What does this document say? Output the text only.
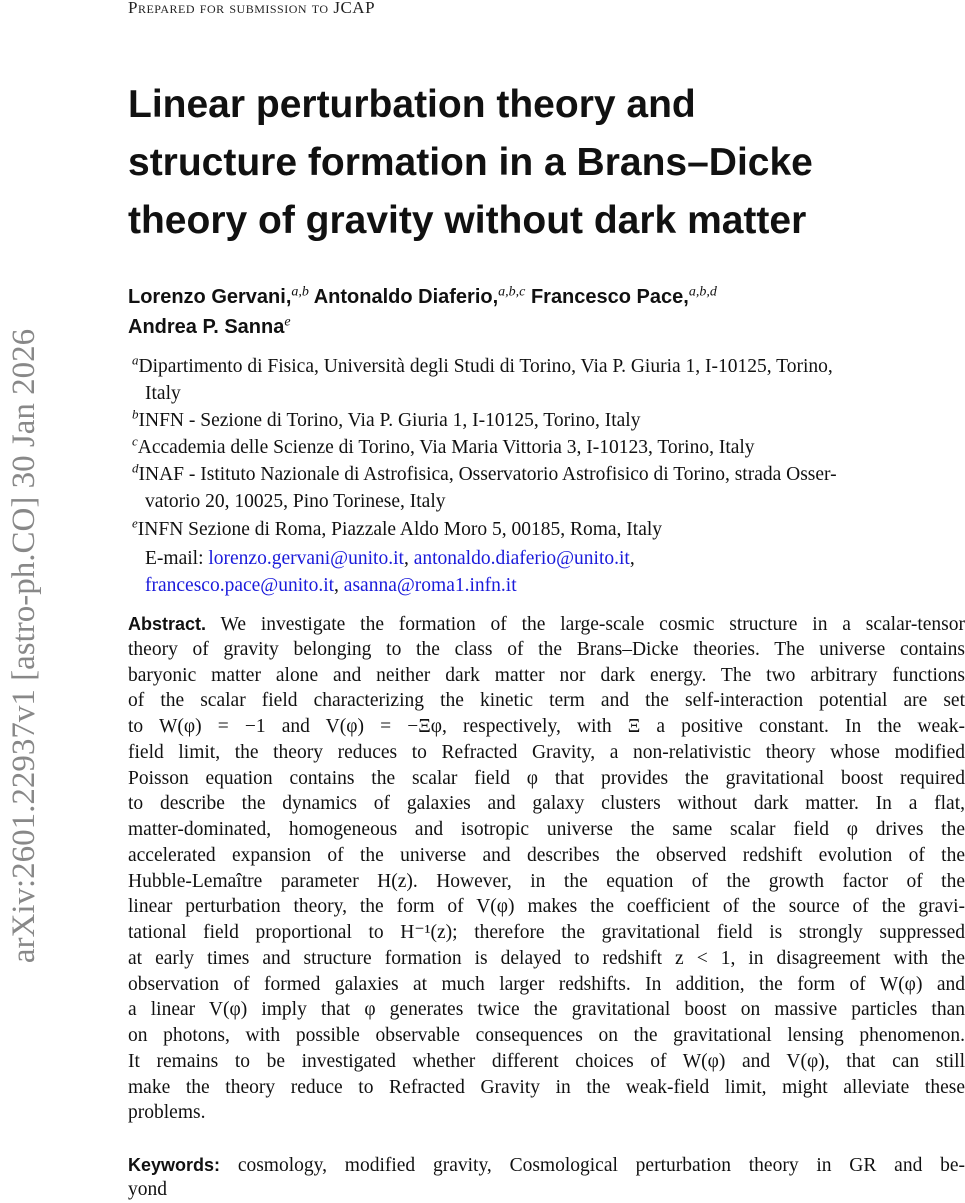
Prepared for submission to JCAP
arXiv:2601.22937v1 [astro-ph.CO] 30 Jan 2026
Linear perturbation theory and
structure formation in a Brans–Dicke
theory of gravity without dark matter
Lorenzo Gervani,$^{a,b}$ Antonaldo Diaferio,$^{a,b,c}$ Francesco Pace,$^{a,b,d}$
Andrea P. Sanna$^e$
$^a$Dipartimento di Fisica, Università degli Studi di Torino, Via P. Giuria 1, I-10125, Torino,
Italy
$^b$INFN - Sezione di Torino, Via P. Giuria 1, I-10125, Torino, Italy
$^c$Accademia delle Scienze di Torino, Via Maria Vittoria 3, I-10123, Torino, Italy
$^d$INAF - Istituto Nazionale di Astrofisica, Osservatorio Astrofisico di Torino, strada Osser-
vatorio 20, 10025, Pino Torinese, Italy
$^e$INFN Sezione di Roma, Piazzale Aldo Moro 5, 00185, Roma, Italy
E-mail: lorenzo.gervani@unito.it, antonaldo.diaferio@unito.it,
francesco.pace@unito.it, asanna@roma1.infn.it
Abstract. We investigate the formation of the large-scale cosmic structure in a scalar-tensor
theory of gravity belonging to the class of the Brans–Dicke theories. The universe contains
baryonic matter alone and neither dark matter nor dark energy. The two arbitrary functions
of the scalar field characterizing the kinetic term and the self-interaction potential are set
to W(φ) = −1 and V(φ) = −Ξφ, respectively, with Ξ a positive constant. In the weak-
field limit, the theory reduces to Refracted Gravity, a non-relativistic theory whose modified
Poisson equation contains the scalar field φ that provides the gravitational boost required
to describe the dynamics of galaxies and galaxy clusters without dark matter. In a flat,
matter-dominated, homogeneous and isotropic universe the same scalar field φ drives the
accelerated expansion of the universe and describes the observed redshift evolution of the
Hubble-Lemaître parameter H(z). However, in the equation of the growth factor of the
linear perturbation theory, the form of V(φ) makes the coefficient of the source of the gravi-
tational field proportional to H⁻¹(z); therefore the gravitational field is strongly suppressed
at early times and structure formation is delayed to redshift z < 1, in disagreement with the
observation of formed galaxies at much larger redshifts. In addition, the form of W(φ) and
a linear V(φ) imply that φ generates twice the gravitational boost on massive particles than
on photons, with possible observable consequences on the gravitational lensing phenomenon.
It remains to be investigated whether different choices of W(φ) and V(φ), that can still
make the theory reduce to Refracted Gravity in the weak-field limit, might alleviate these
problems.
Keywords: cosmology, modified gravity, Cosmological perturbation theory in GR and be-
yond
